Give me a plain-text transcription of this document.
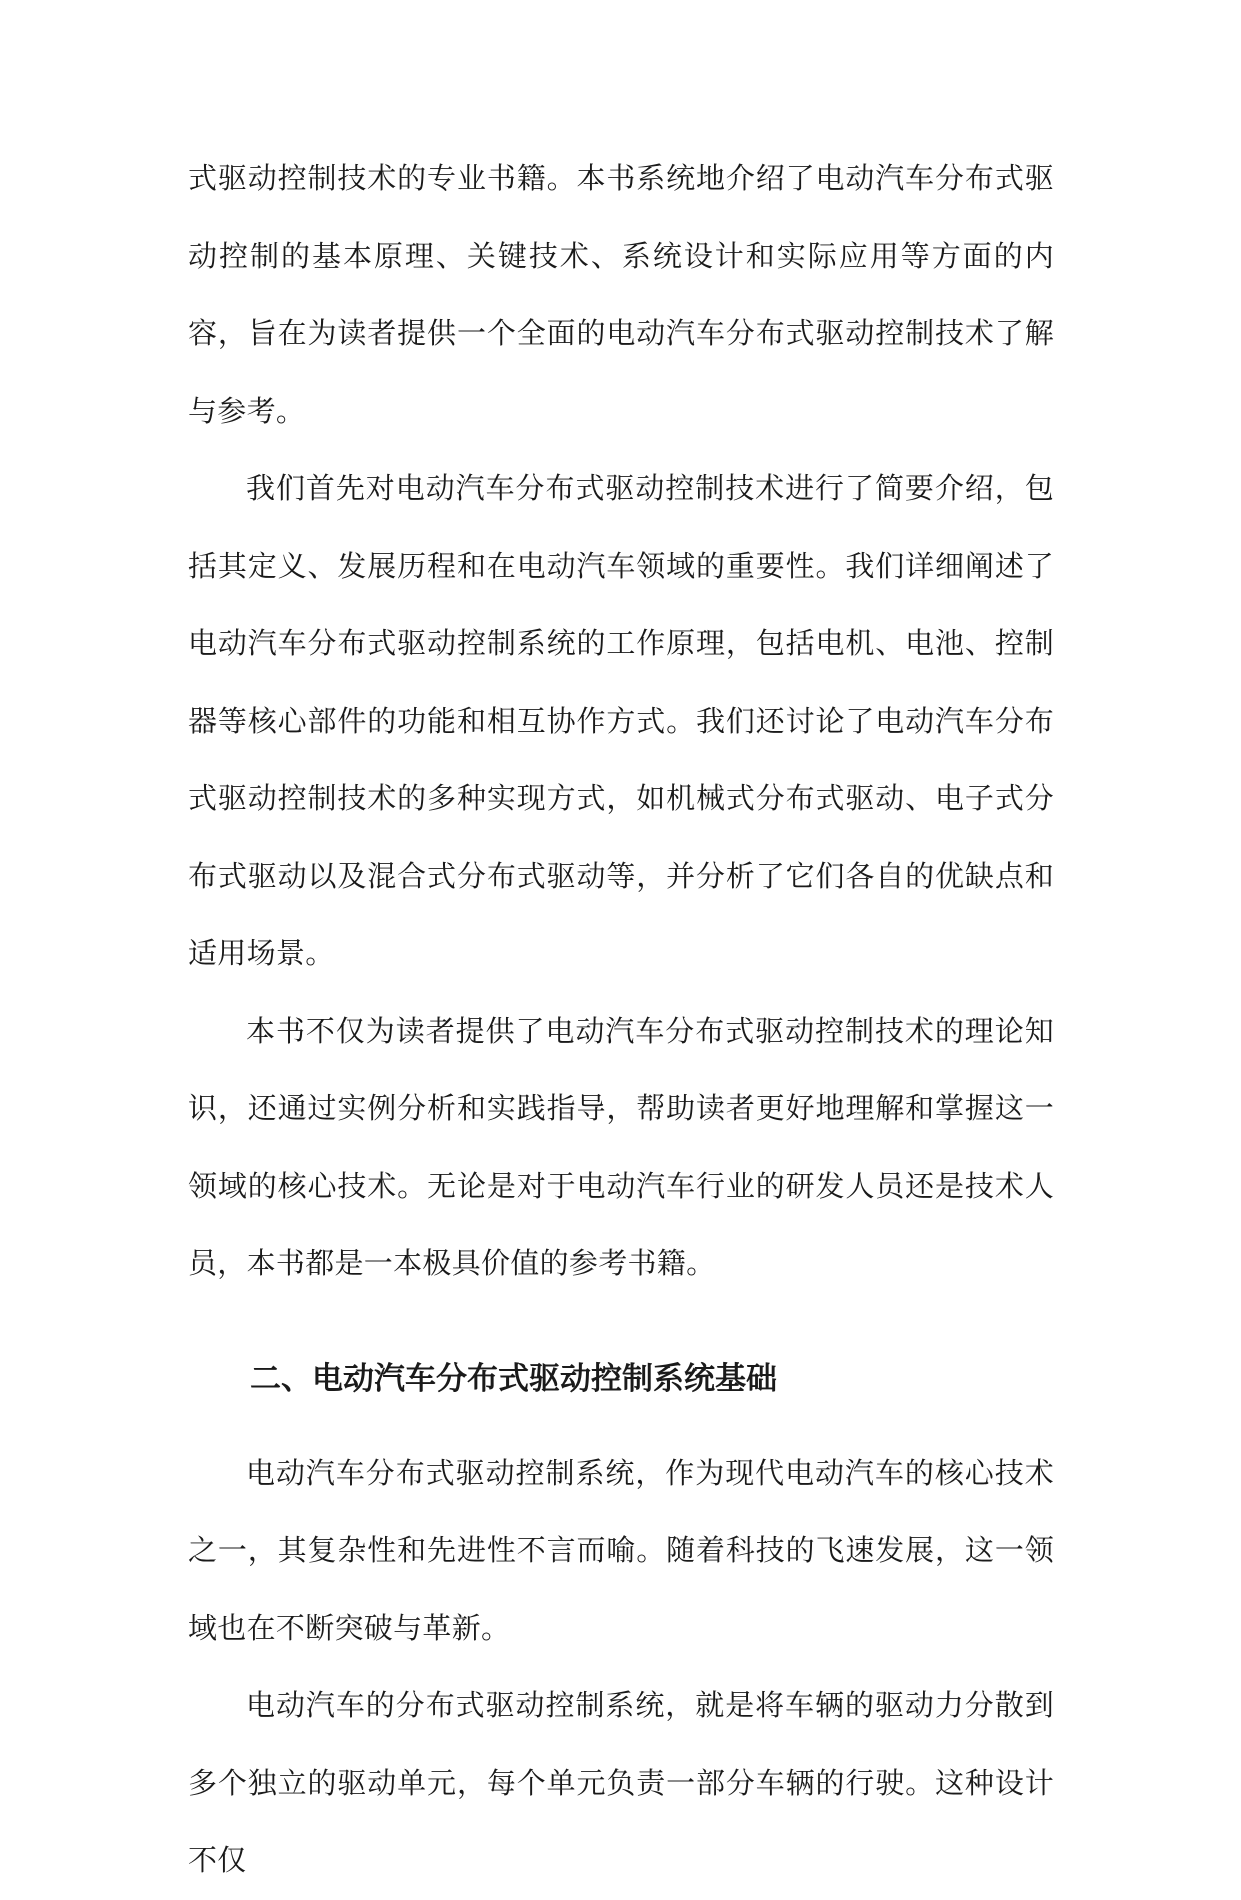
式驱动控制技术的专业书籍。本书系统地介绍了电动汽车分布式驱动控制的基本原理、关键技术、系统设计和实际应用等方面的内容，旨在为读者提供一个全面的电动汽车分布式驱动控制技术了解与参考。

我们首先对电动汽车分布式驱动控制技术进行了简要介绍，包括其定义、发展历程和在电动汽车领域的重要性。我们详细阐述了电动汽车分布式驱动控制系统的工作原理，包括电机、电池、控制器等核心部件的功能和相互协作方式。我们还讨论了电动汽车分布式驱动控制技术的多种实现方式，如机械式分布式驱动、电子式分布式驱动以及混合式分布式驱动等，并分析了它们各自的优缺点和适用场景。

本书不仅为读者提供了电动汽车分布式驱动控制技术的理论知识，还通过实例分析和实践指导，帮助读者更好地理解和掌握这一领域的核心技术。无论是对于电动汽车行业的研发人员还是技术人员，本书都是一本极具价值的参考书籍。

二、电动汽车分布式驱动控制系统基础

电动汽车分布式驱动控制系统，作为现代电动汽车的核心技术之一，其复杂性和先进性不言而喻。随着科技的飞速发展，这一领域也在不断突破与革新。

电动汽车的分布式驱动控制系统，就是将车辆的驱动力分散到多个独立的驱动单元，每个单元负责一部分车辆的行驶。这种设计不仅
